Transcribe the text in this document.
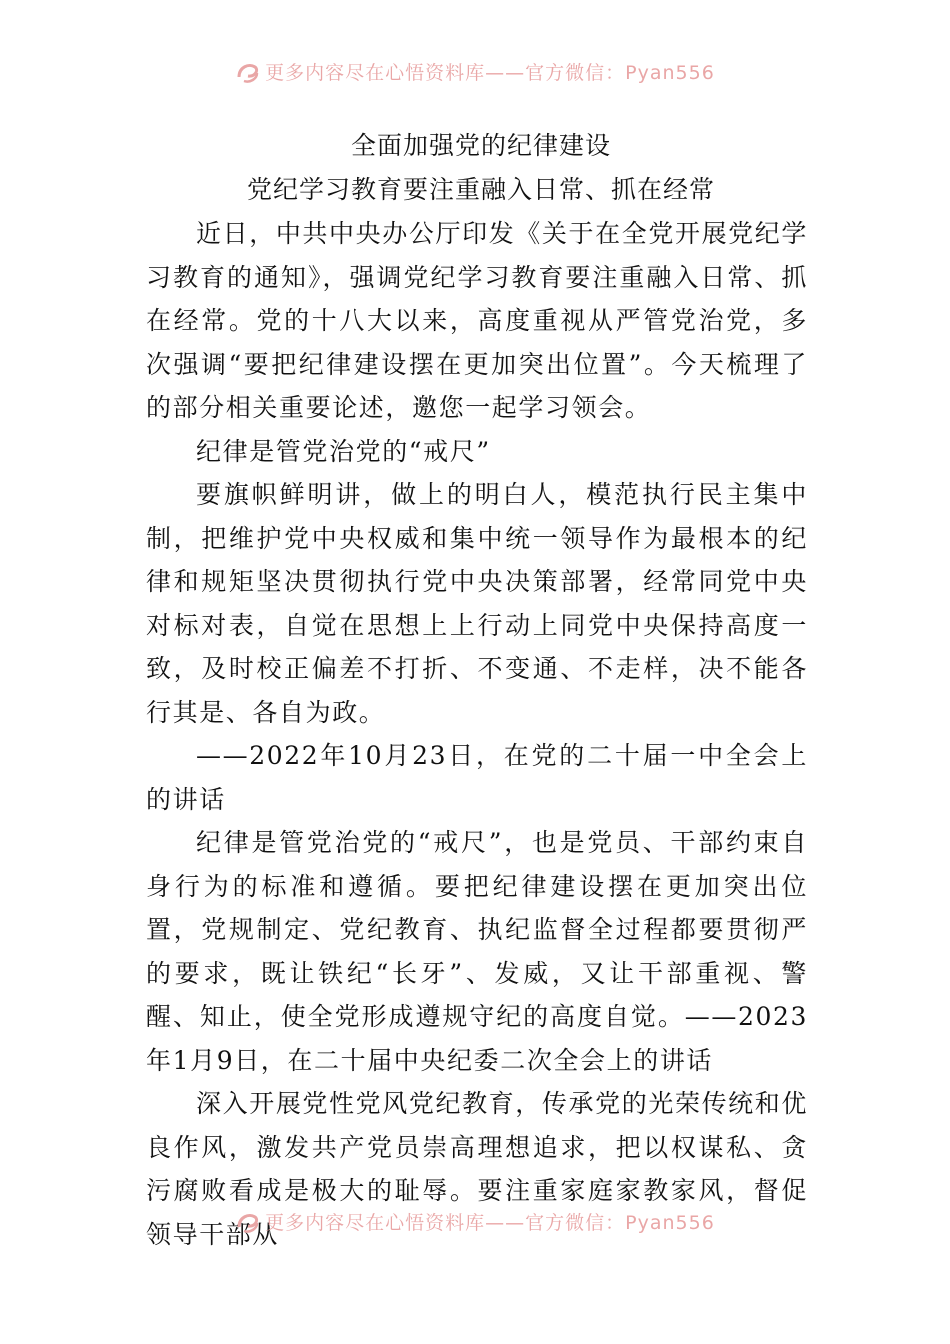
更多内容尽在心悟资料库——官方微信：Pyan556
全面加强党的纪律建设
党纪学习教育要注重融入日常、抓在经常

近日，中共中央办公厅印发《关于在全党开展党纪学习教育的通知》，强调党纪学习教育要注重融入日常、抓在经常。党的十八大以来，高度重视从严管党治党，多次强调“要把纪律建设摆在更加突出位置”。今天梳理了的部分相关重要论述，邀您一起学习领会。

纪律是管党治党的“戒尺”

要旗帜鲜明讲，做上的明白人，模范执行民主集中制，把维护党中央权威和集中统一领导作为最根本的纪律和规矩坚决贯彻执行党中央决策部署，经常同党中央对标对表，自觉在思想上上行动上同党中央保持高度一致，及时校正偏差不打折、不变通、不走样，决不能各行其是、各自为政。

——2022年10月23日，在党的二十届一中全会上的讲话

纪律是管党治党的“戒尺”，也是党员、干部约束自身行为的标准和遵循。要把纪律建设摆在更加突出位置，党规制定、党纪教育、执纪监督全过程都要贯彻严的要求，既让铁纪“长牙”、发威，又让干部重视、警醒、知止，使全党形成遵规守纪的高度自觉。——2023年1月9日，在二十届中央纪委二次全会上的讲话

深入开展党性党风党纪教育，传承党的光荣传统和优良作风，激发共产党员崇高理想追求，把以权谋私、贪污腐败看成是极大的耻辱。要注重家庭家教家风，督促领导干部从

更多内容尽在心悟资料库——官方微信：Pyan556
